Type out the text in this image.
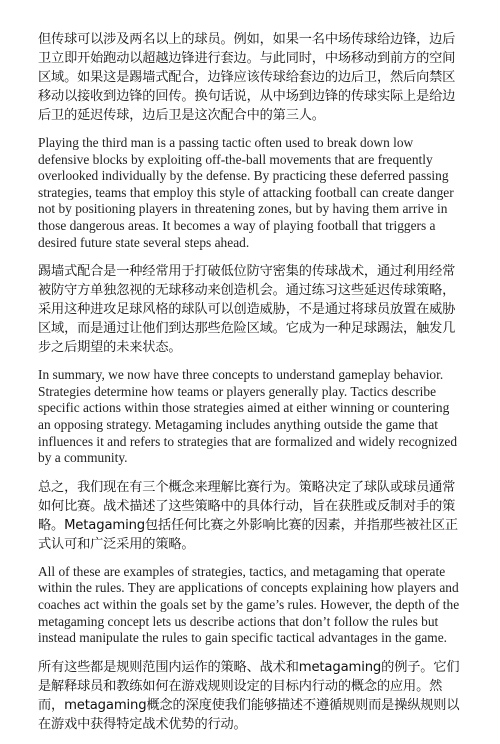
但传球可以涉及两名以上的球员。例如，如果一名中场传球给边锋，边后卫立即开始跑动以超越边锋进行套边。与此同时，中场移动到前方的空间区域。如果这是踢墙式配合，边锋应该传球给套边的边后卫，然后向禁区移动以接收到边锋的回传。换句话说，从中场到边锋的传球实际上是给边后卫的延迟传球，边后卫是这次配合中的第三人。

Playing the third man is a passing tactic often used to break down low defensive blocks by exploiting off-the-ball movements that are frequently overlooked individually by the defense. By practicing these deferred passing strategies, teams that employ this style of attacking football can create danger not by positioning players in threatening zones, but by having them arrive in those dangerous areas. It becomes a way of playing football that triggers a desired future state several steps ahead.

踢墙式配合是一种经常用于打破低位防守密集的传球战术，通过利用经常被防守方单独忽视的无球移动来创造机会。通过练习这些延迟传球策略，采用这种进攻足球风格的球队可以创造威胁，不是通过将球员放置在威胁区域，而是通过让他们到达那些危险区域。它成为一种足球踢法，触发几步之后期望的未来状态。

In summary, we now have three concepts to understand gameplay behavior. Strategies determine how teams or players generally play. Tactics describe specific actions within those strategies aimed at either winning or countering an opposing strategy. Metagaming includes anything outside the game that influences it and refers to strategies that are formalized and widely recognized by a community.

总之，我们现在有三个概念来理解比赛行为。策略决定了球队或球员通常如何比赛。战术描述了这些策略中的具体行动，旨在获胜或反制对手的策略。Metagaming包括任何比赛之外影响比赛的因素，并指那些被社区正式认可和广泛采用的策略。

All of these are examples of strategies, tactics, and metagaming that operate within the rules. They are applications of concepts explaining how players and coaches act within the goals set by the game’s rules. However, the depth of the metagaming concept lets us describe actions that don’t follow the rules but instead manipulate the rules to gain specific tactical advantages in the game.

所有这些都是规则范围内运作的策略、战术和metagaming的例子。它们是解释球员和教练如何在游戏规则设定的目标内行动的概念的应用。然而，metagaming概念的深度使我们能够描述不遵循规则而是操纵规则以在游戏中获得特定战术优势的行动。
